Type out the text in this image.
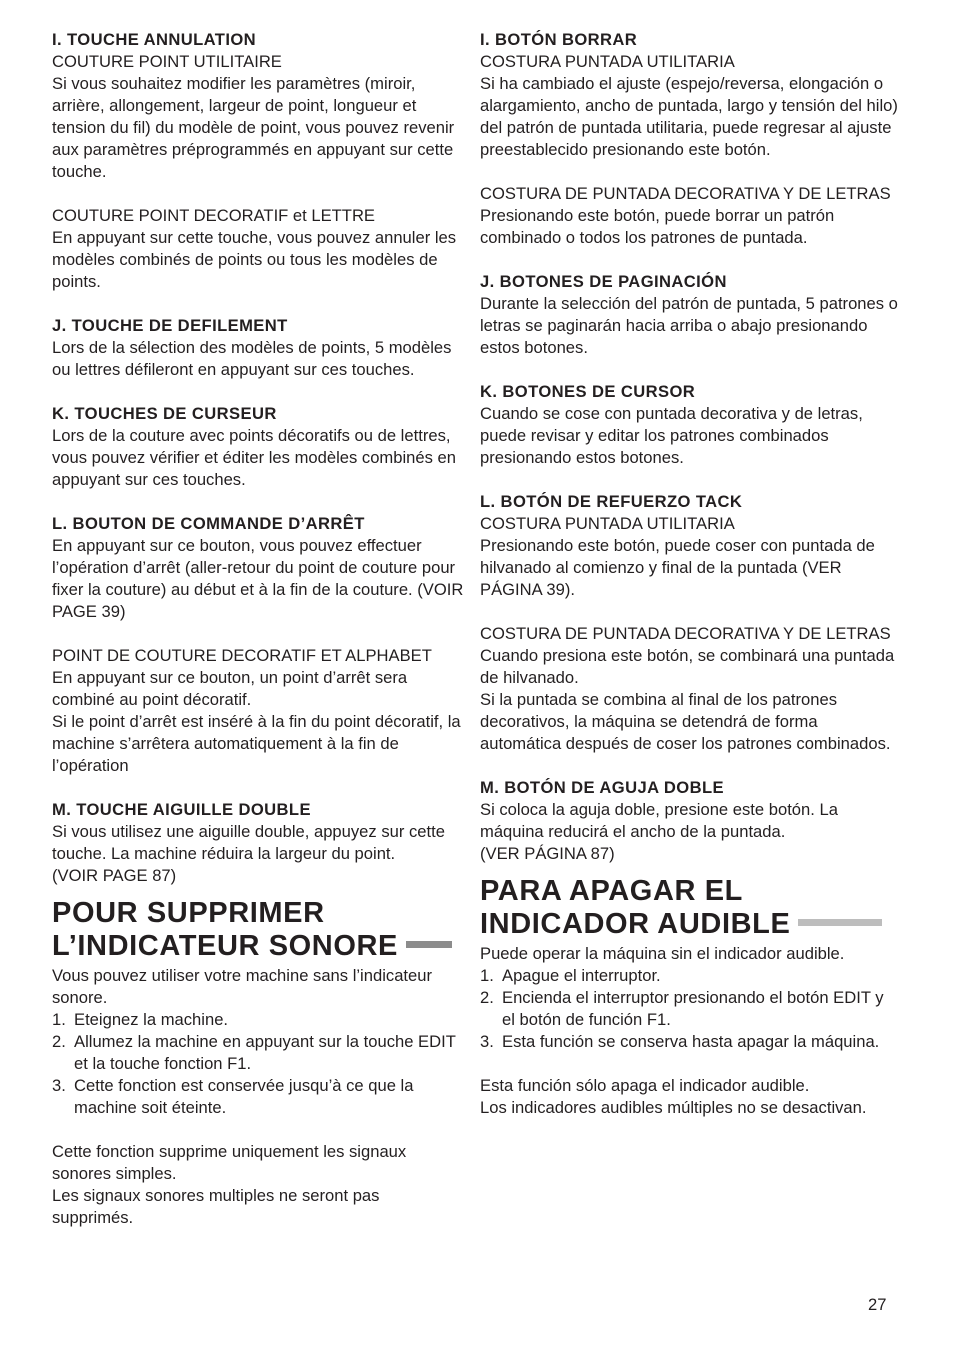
I. TOUCHE ANNULATION

COUTURE POINT UTILITAIRE

Si vous souhaitez modifier les paramètres (miroir, arrière, allongement, largeur de point, longueur et tension du fil) du modèle de point, vous pouvez revenir aux paramètres préprogrammés en appuyant sur cette touche.

COUTURE POINT DECORATIF et LETTRE

En appuyant sur cette touche, vous pouvez annuler les modèles combinés de points ou tous les modèles de points.

J. TOUCHE DE DEFILEMENT

Lors de la sélection des modèles de points, 5 modèles ou lettres défileront en appuyant sur ces touches.

K. TOUCHES DE CURSEUR

Lors de la couture avec points décoratifs ou de lettres, vous pouvez vérifier et éditer les modèles combinés en appuyant sur ces touches.

L. BOUTON DE COMMANDE D’ARRÊT

En appuyant sur ce bouton, vous pouvez effectuer l’opération d’arrêt (aller-retour du point de couture pour fixer la couture) au début et à la fin de la couture. (VOIR PAGE 39)

POINT DE COUTURE DECORATIF ET ALPHABET

En appuyant sur ce bouton, un point d’arrêt sera combiné au point décoratif.

Si le point d’arrêt est inséré à la fin du point décoratif, la machine s’arrêtera automatiquement à la fin de l’opération

M. TOUCHE AIGUILLE DOUBLE

Si vous utilisez une aiguille double, appuyez sur cette touche. La machine réduira la largeur du point.

(VOIR PAGE 87)

POUR SUPPRIMER
L’INDICATEUR SONORE

Vous pouvez utiliser votre machine sans l’indicateur sonore.

1. Eteignez la machine.
2. Allumez la machine en appuyant sur la touche EDIT et la touche fonction F1.
3. Cette fonction est conservée jusqu’à ce que la machine soit éteinte.

Cette fonction supprime uniquement les signaux sonores simples.

Les signaux sonores multiples ne seront pas supprimés.

I. BOTÓN BORRAR

COSTURA PUNTADA UTILITARIA

Si ha cambiado el ajuste (espejo/reversa, elongación o alargamiento, ancho de puntada, largo y tensión del hilo) del patrón de puntada utilitaria, puede regresar al ajuste preestablecido presionando este botón.

COSTURA DE PUNTADA DECORATIVA Y DE LETRAS

Presionando este botón, puede borrar un patrón combinado o todos los patrones de puntada.

J. BOTONES DE PAGINACIÓN

Durante la selección del patrón de puntada, 5 patrones o letras se paginarán hacia arriba o abajo presionando estos botones.

K. BOTONES DE CURSOR

Cuando se cose con puntada decorativa y de letras, puede revisar y editar los patrones combinados presionando estos botones.

L. BOTÓN DE REFUERZO TACK

COSTURA PUNTADA UTILITARIA

Presionando este botón, puede coser con puntada de hilvanado al comienzo y final de la puntada (VER PÁGINA 39).

COSTURA DE PUNTADA DECORATIVA Y DE LETRAS

Cuando presiona este botón, se combinará una puntada de hilvanado.

Si la puntada se combina al final de los patrones decorativos, la máquina se detendrá de forma automática después de coser los patrones combinados.

M. BOTÓN DE AGUJA DOBLE

Si coloca la aguja doble, presione este botón. La máquina reducirá el ancho de la puntada.

(VER PÁGINA 87)

PARA APAGAR EL
INDICADOR AUDIBLE

Puede operar la máquina sin el indicador audible.

1. Apague el interruptor.
2. Encienda el interruptor presionando el botón EDIT y el botón de función F1.
3. Esta función se conserva hasta apagar la máquina.

Esta función sólo apaga el indicador audible.

Los indicadores audibles múltiples no se desactivan.

27
